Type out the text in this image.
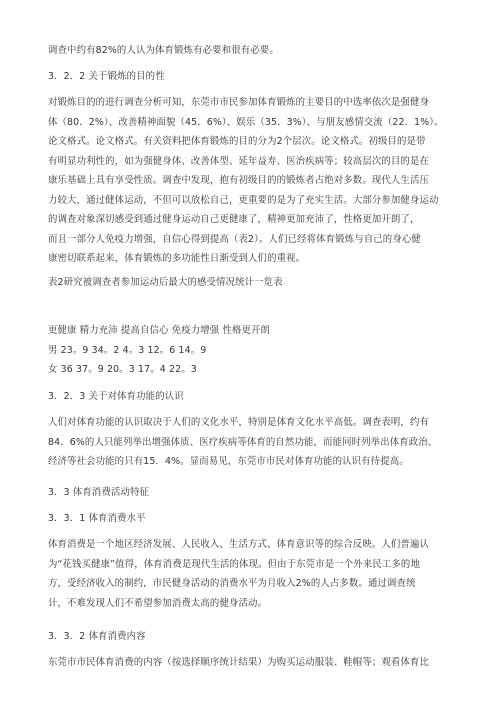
调查中约有82%的人认为体育锻炼有必要和很有必要。
3．2．2 关于锻炼的目的性
对锻炼目的的进行调查分析可知，东莞市市民参加体育锻炼的主要目的中选率依次是强健身
体（80．2%）、改善精神面貌（45．6%）、娱乐（35．3%）、与朋友感情交流（22．1%）。
论文格式。论文格式。有关资料把体育锻炼的目的分为2个层次。论文格式。初级目的是带
有明显功利性的，如为强健身体、改善体型、延年益寿、医治疾病等；较高层次的目的是在
康乐基础上具有享受性质。调查中发现，抱有初级目的的锻炼者占绝对多数。现代人生活压
力较大，通过健体运动，不但可以放松自己，更重要的是为了充实生活。大部分参加健身运动
的调查对象深切感受到通过健身运动自己更健康了，精神更加充沛了，性格更加开朗了，
而且一部分人免疫力增强，自信心得到提高（表2）。人们已经将体育锻炼与自己的身心健
康密切联系起来，体育锻炼的多功能性日渐受到人们的重视。
表2研究被调查者参加运动后最大的感受情况统计一览表
更健康 精力充沛 提高自信心 免疫力增强 性格更开朗
男 23。9 34。2 4。3 12。6 14。9
女 36 37。9 20。3 17。4 22。3
3．2．3 关于对体育功能的认识
人们对体育功能的认识取决于人们的文化水平，特别是体育文化水平高低。调查表明，约有
84．6%的人只能列举出增强体质、医疗疾病等体育的自然功能，而能同时列举出体育政治、
经济等社会功能的只有15．4%。显而易见，东莞市市民对体育功能的认识有待提高。
3．3 体育消费活动特征
3．3．1 体育消费水平
体育消费是一个地区经济发展、人民收入、生活方式、体育意识等的综合反映。人们普遍认
为“花钱买健康”值得，体育消费是现代生活的体现。但由于东莞市是一个外来民工多的地
方，受经济收入的制约，市民健身活动的消费水平为月收入2%的人占多数。通过调查统
计，不难发现人们不希望参加消费太高的健身活动。
3．3．2 体育消费内容
东莞市市民体育消费的内容（按选择顺序统计结果）为购买运动服装、鞋帽等；观看体育比
